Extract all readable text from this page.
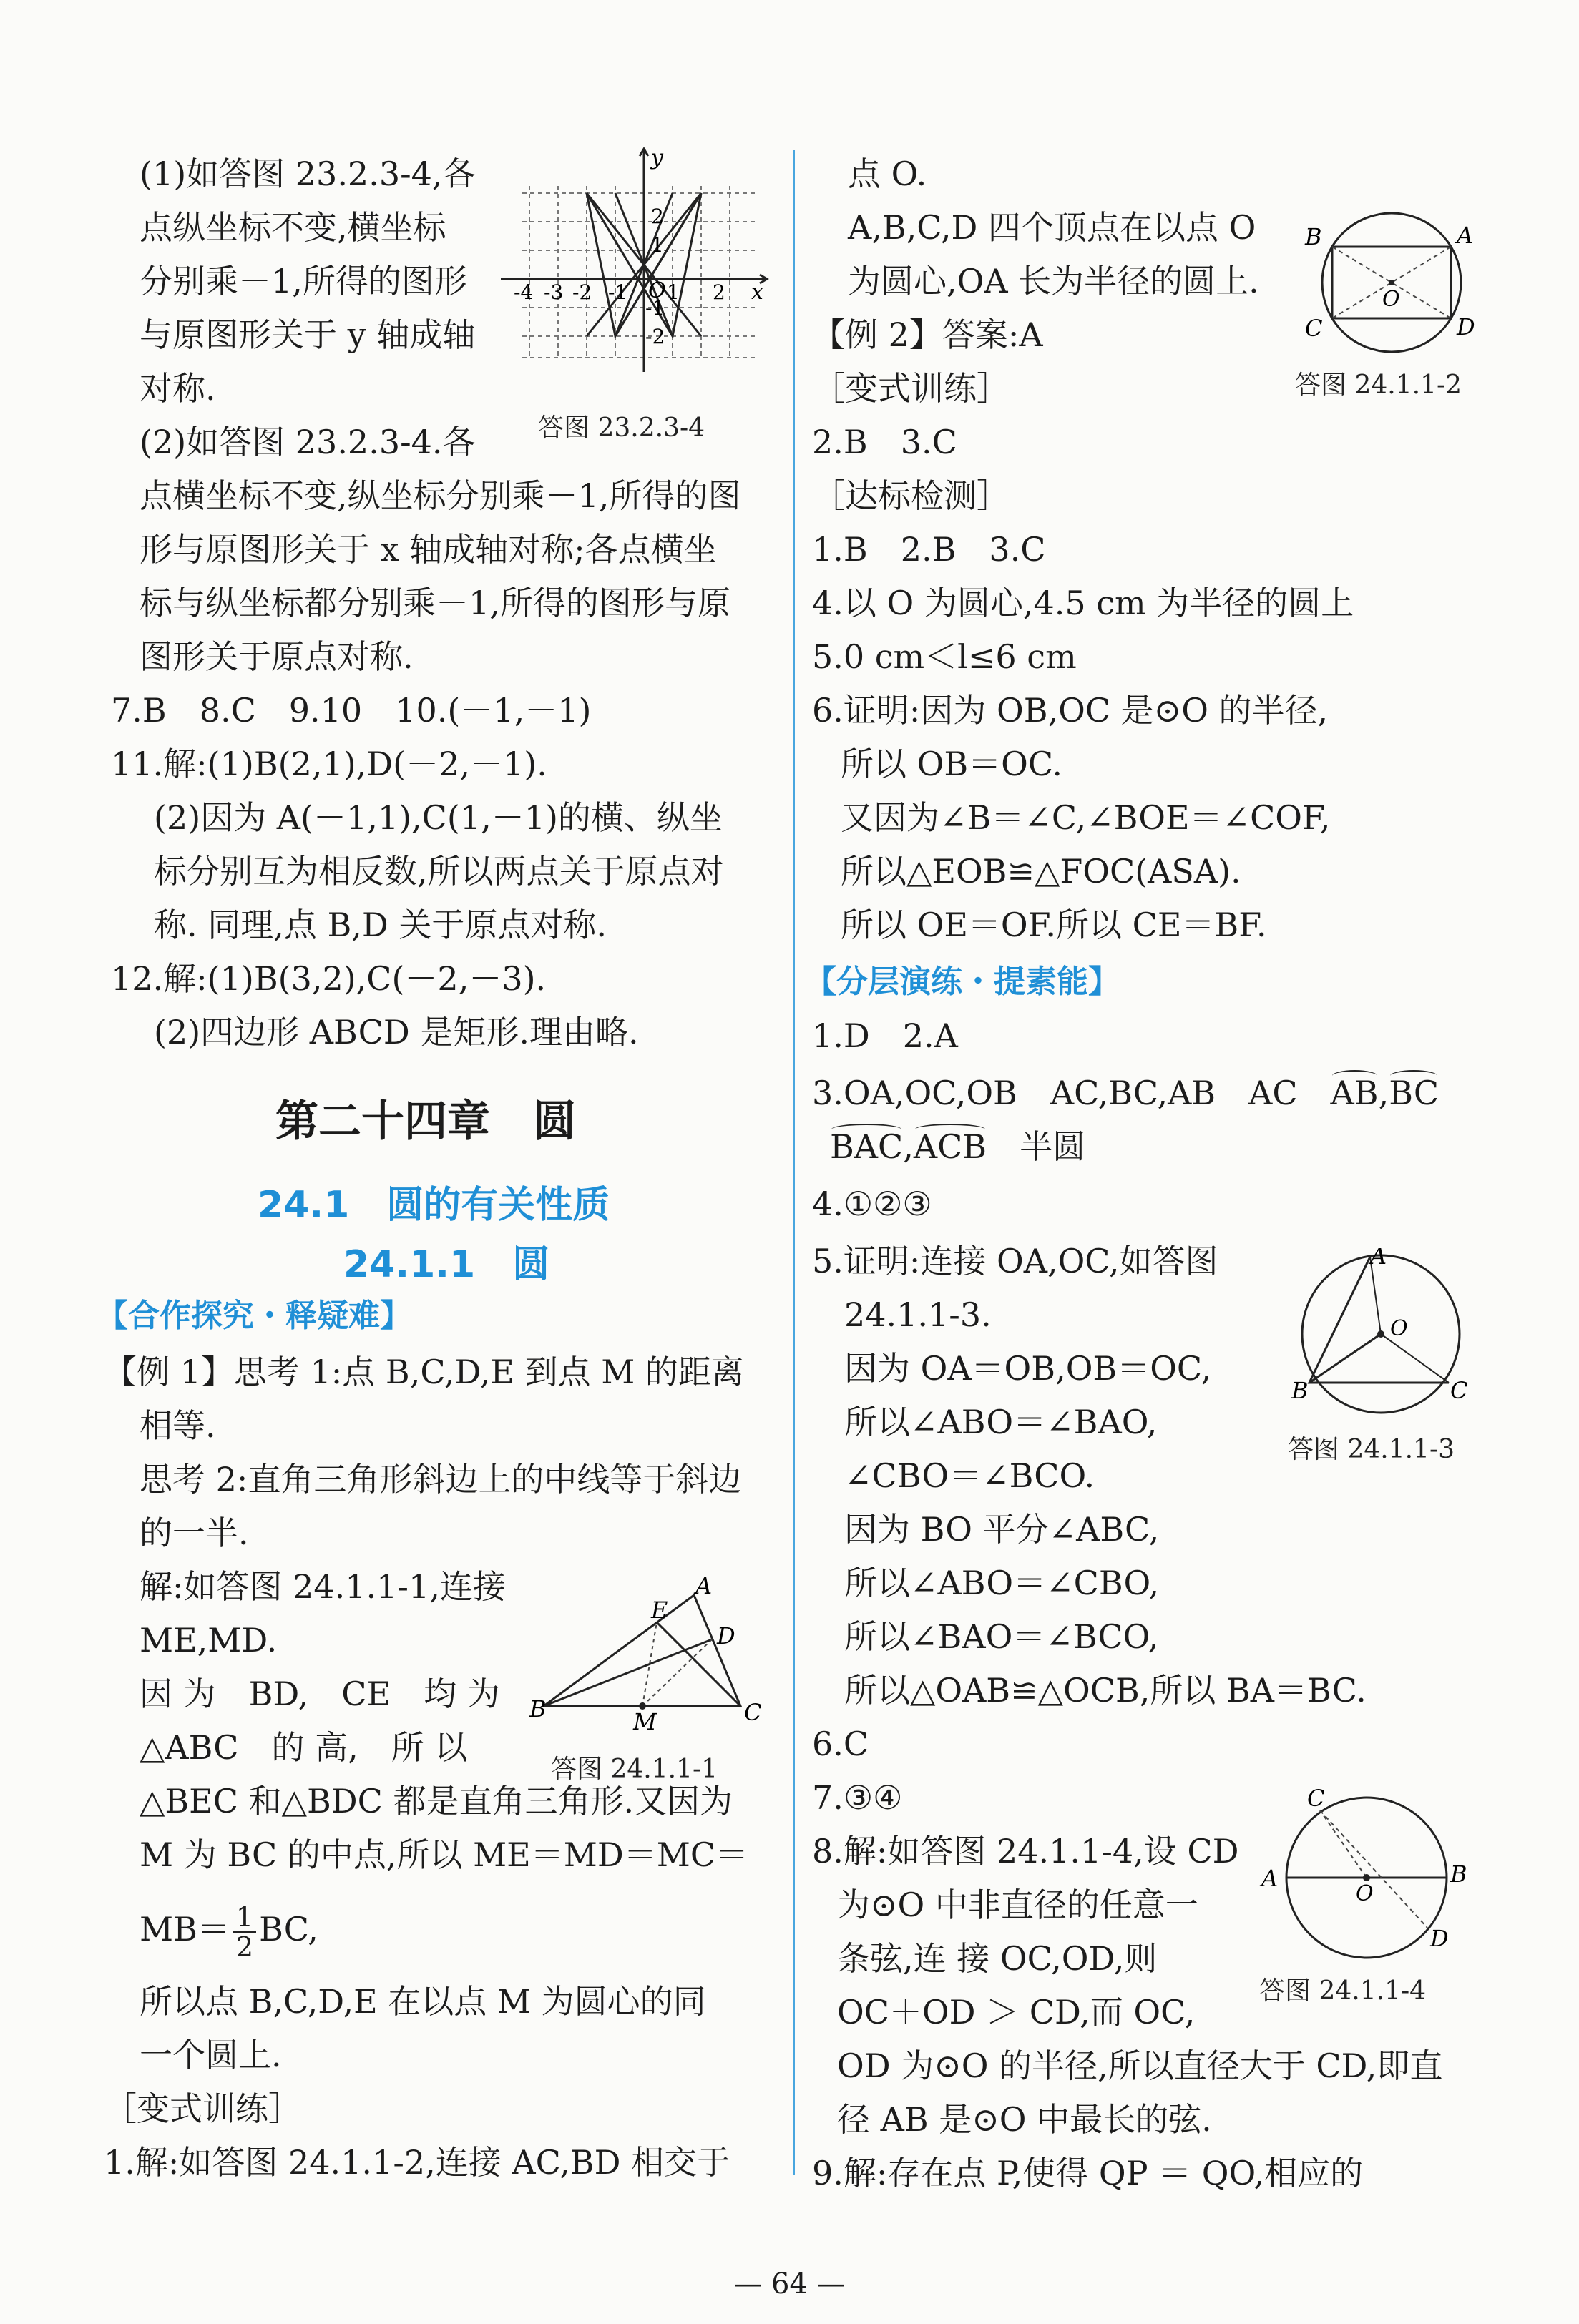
(1)如答图 23.2.3-4,各
点纵坐标不变,横坐标
分别乘－1,所得的图形
与原图形关于 y 轴成轴
对称.
(2)如答图 23.2.3-4.各
点横坐标不变,纵坐标分别乘－1,所得的图
形与原图形关于 x 轴成轴对称;各点横坐
标与纵坐标都分别乘－1,所得的图形与原
图形关于原点对称.
7.B　8.C　9.10　10.(－1,－1)
11.解:(1)B(2,1),D(－2,－1).
(2)因为 A(－1,1),C(1,－1)的横、纵坐
标分别互为相反数,所以两点关于原点对
称. 同理,点 B,D 关于原点对称.
12.解:(1)B(3,2),C(－2,－3).
(2)四边形 ABCD 是矩形.理由略.
第二十四章　圆
24.1　圆的有关性质
24.1.1　圆
【合作探究・释疑难】
【例 1】思考 1:点 B,C,D,E 到点 M 的距离
相等.
思考 2:直角三角形斜边上的中线等于斜边
的一半.
解:如答图 24.1.1-1,连接
ME,MD.
因 为　BD,　CE　均 为
△ABC　的 高,　所 以
△BEC 和△BDC 都是直角三角形.又因为
M 为 BC 的中点,所以 ME＝MD＝MC＝
$MB= \frac{1}{2}$ BC,
所以点 B,C,D,E 在以点 M 为圆心的同
一个圆上.
［变式训练］
1.解:如答图 24.1.1-2,连接 AC,BD 相交于
y
x
O
2
1
-1
-2
-4 -3 -2 -1 1 2
答图 23.2.3-4
B
A
C
D
E
M
答图 24.1.1-1
点 O.
A,B,C,D 四个顶点在以点 O
为圆心,OA 长为半径的圆上.
【例 2】答案:A
［变式训练］
2.B　3.C
［达标检测］
1.B　2.B　3.C
4.以 O 为圆心,4.5 cm 为半径的圆上
5.0 cm＜l≤6 cm
6.证明:因为 OB,OC 是⊙O 的半径,
所以 OB＝OC.
又因为∠B＝∠C,∠BOE＝∠COF,
所以△EOB≌△FOC(ASA).
所以 OE＝OF.所以 CE＝BF.
【分层演练・提素能】
1.D　2.A
3.OA,OC,OB　AC,BC,AB　AC　
AB,
BC
BAC,
ACB　半圆
4.①②③
5.证明:连接 OA,OC,如答图
24.1.1-3.
因为 OA＝OB,OB＝OC,
所以∠ABO＝∠BAO,
∠CBO＝∠BCO.
因为 BO 平分∠ABC,
所以∠ABO＝∠CBO,
所以∠BAO＝∠BCO,
所以△OAB≌△OCB,所以 BA＝BC.
6.C
7.③④
8.解:如答图 24.1.1-4,设 CD
为⊙O 中非直径的任意一
条弦,连 接 OC,OD,则
OC＋OD ＞ CD,而 OC,
OD 为⊙O 的半径,所以直径大于 CD,即直
径 AB 是⊙O 中最长的弦.
9.解:存在点 P,使得 QP ＝ QO,相应的
B	A
C	D
O
答图 24.1.1-2
A
B	C
O
答图 24.1.1-3
C
A	B
D
O
答图 24.1.1-4
— 64 —
